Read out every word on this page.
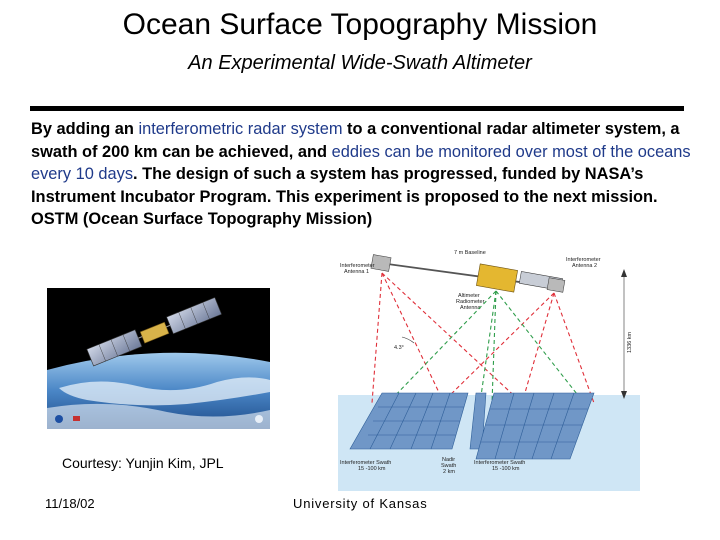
Ocean Surface Topography Mission
An Experimental Wide-Swath Altimeter
By adding an interferometric radar system to a conventional radar altimeter system, a swath of 200 km can be achieved, and eddies can be monitored over most of the oceans every 10 days. The design of such a system has progressed, funded by NASA’s Instrument Incubator Program. This experiment is proposed to the next mission. OSTM (Ocean Surface Topography Mission)
7 m Baseline
Interferometer Antenna 1
Interferometer Antenna 2
Altimeter Radiometer Antenna
4.3°	1336 km
Interferometer Swath 15 -100 km
Nadir Swath 2 km
Interferometer Swath 15 -100 km
Courtesy: Yunjin Kim, JPL
11/18/02	University of Kansas
